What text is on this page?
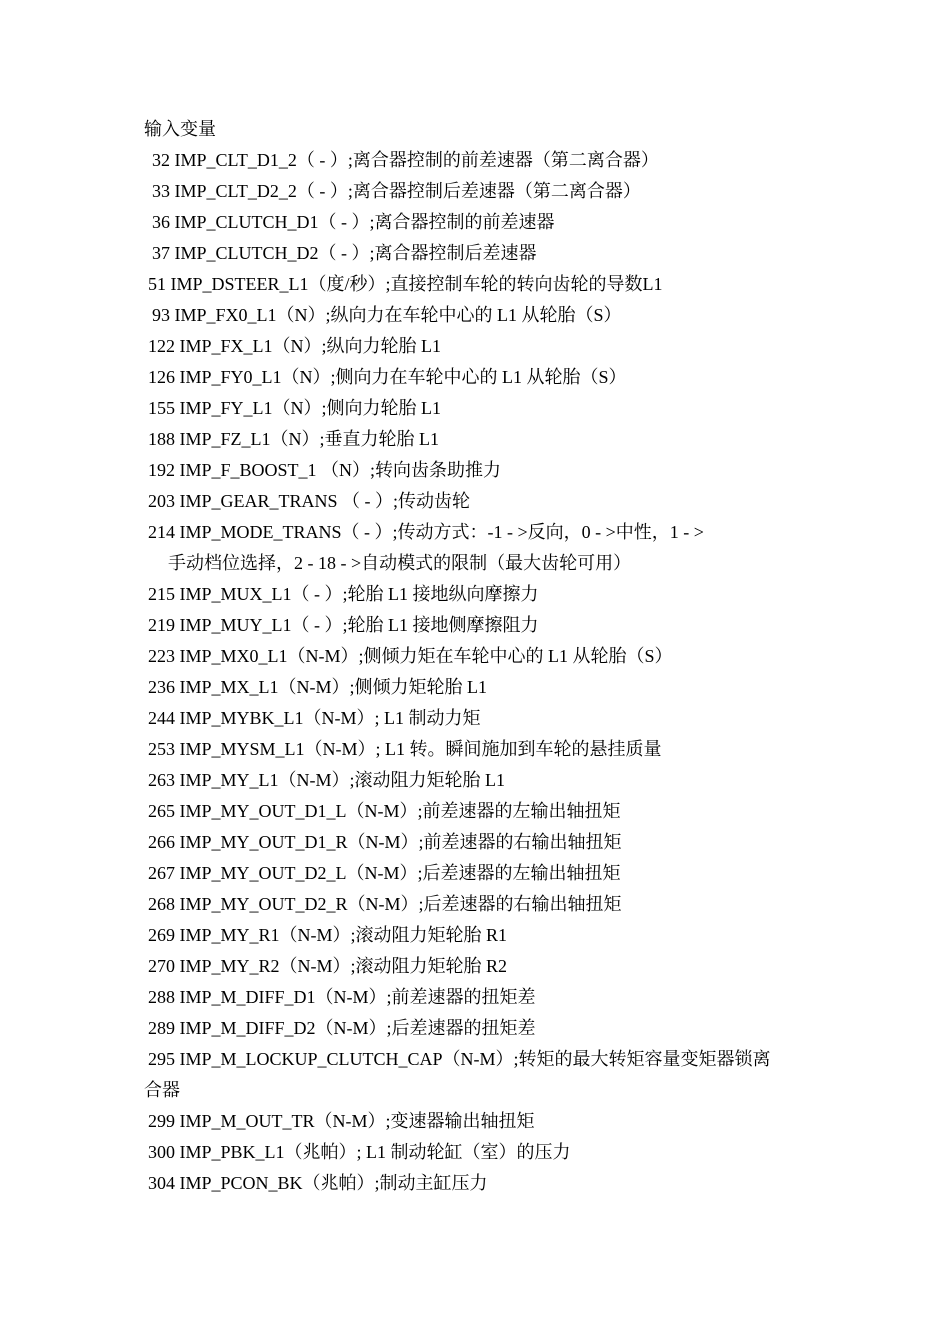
输入变量
32 IMP_CLT_D1_2（ - ）;离合器控制的前差速器（第二离合器）
33 IMP_CLT_D2_2（ - ）;离合器控制后差速器（第二离合器）
36 IMP_CLUTCH_D1（ - ）;离合器控制的前差速器
37 IMP_CLUTCH_D2（ - ）;离合器控制后差速器
51 IMP_DSTEER_L1（度/秒）;直接控制车轮的转向齿轮的导数L1
93 IMP_FX0_L1（N）;纵向力在车轮中心的 L1 从轮胎（S）
122 IMP_FX_L1（N）;纵向力轮胎 L1
126 IMP_FY0_L1（N）;侧向力在车轮中心的 L1 从轮胎（S）
155 IMP_FY_L1（N）;侧向力轮胎 L1
188 IMP_FZ_L1（N）;垂直力轮胎 L1
192 IMP_F_BOOST_1 （N）;转向齿条助推力
203 IMP_GEAR_TRANS （ - ）;传动齿轮
214 IMP_MODE_TRANS（ - ）;传动方式：-1 - >反向，0 - >中性，1 - >
手动档位选择，2 - 18 - >自动模式的限制（最大齿轮可用）
215 IMP_MUX_L1（ - ）;轮胎 L1 接地纵向摩擦力
219 IMP_MUY_L1（ - ）;轮胎 L1 接地侧摩擦阻力
223 IMP_MX0_L1（N-M）;侧倾力矩在车轮中心的 L1 从轮胎（S）
236 IMP_MX_L1（N-M）;侧倾力矩轮胎 L1
244 IMP_MYBK_L1（N-M）; L1 制动力矩
253 IMP_MYSM_L1（N-M）; L1 转。瞬间施加到车轮的悬挂质量
263 IMP_MY_L1（N-M）;滚动阻力矩轮胎 L1
265 IMP_MY_OUT_D1_L（N-M）;前差速器的左输出轴扭矩
266 IMP_MY_OUT_D1_R（N-M）;前差速器的右输出轴扭矩
267 IMP_MY_OUT_D2_L（N-M）;后差速器的左输出轴扭矩
268 IMP_MY_OUT_D2_R（N-M）;后差速器的右输出轴扭矩
269 IMP_MY_R1（N-M）;滚动阻力矩轮胎 R1
270 IMP_MY_R2（N-M）;滚动阻力矩轮胎 R2
288 IMP_M_DIFF_D1（N-M）;前差速器的扭矩差
289 IMP_M_DIFF_D2（N-M）;后差速器的扭矩差
295 IMP_M_LOCKUP_CLUTCH_CAP（N-M）;转矩的最大转矩容量变矩器锁离
合器
299 IMP_M_OUT_TR（N-M）;变速器输出轴扭矩
300 IMP_PBK_L1（兆帕）; L1 制动轮缸（室）的压力
304 IMP_PCON_BK（兆帕）;制动主缸压力
